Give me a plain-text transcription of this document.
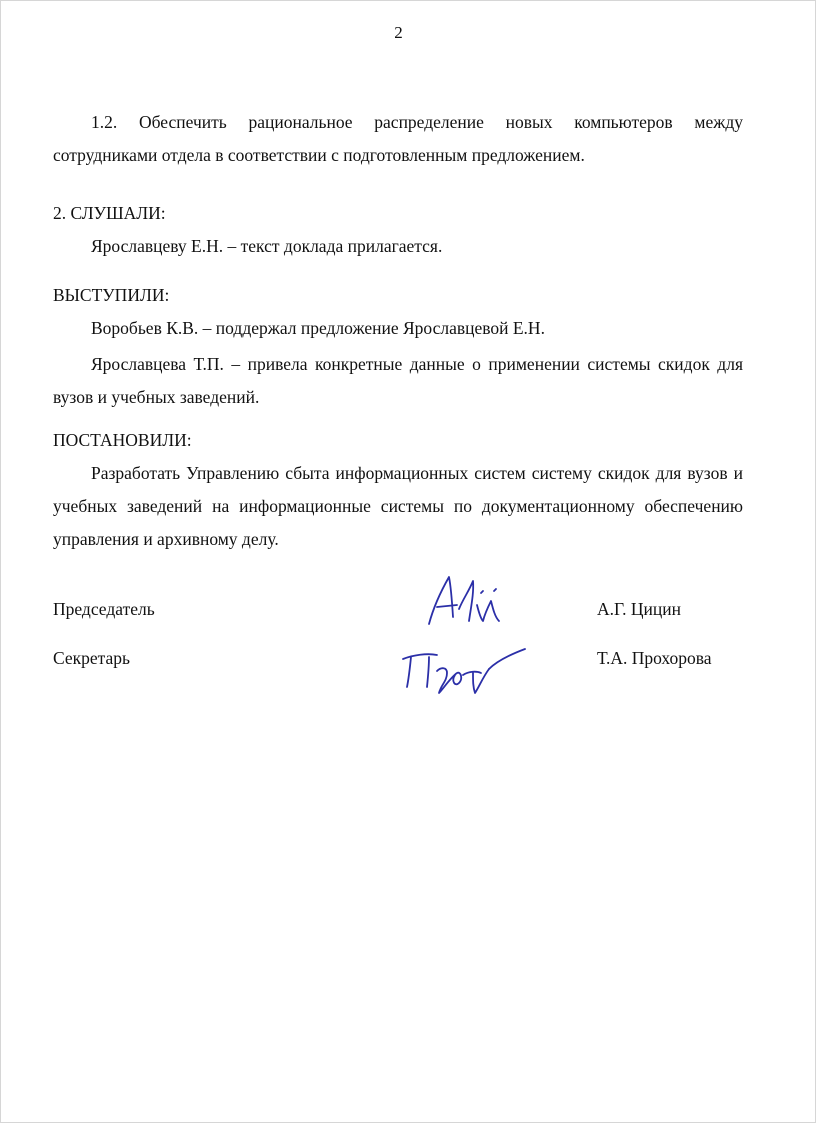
2

1.2. Обеспечить рациональное распределение новых компьютеров между сотрудниками отдела в соответствии с подготовленным предложением.

2. СЛУШАЛИ:

Ярославцеву Е.Н. – текст доклада прилагается.

ВЫСТУПИЛИ:

Воробьев К.В. – поддержал предложение Ярославцевой Е.Н.

Ярославцева Т.П. – привела конкретные данные о применении системы скидок для вузов и учебных заведений.

ПОСТАНОВИЛИ:

Разработать Управлению сбыта информационных систем систему скидок для вузов и учебных заведений на информационные системы по документационному обеспечению управления и архивному делу.

Председатель	А.Г. Цицин
Секретарь	Т.А. Прохорова
